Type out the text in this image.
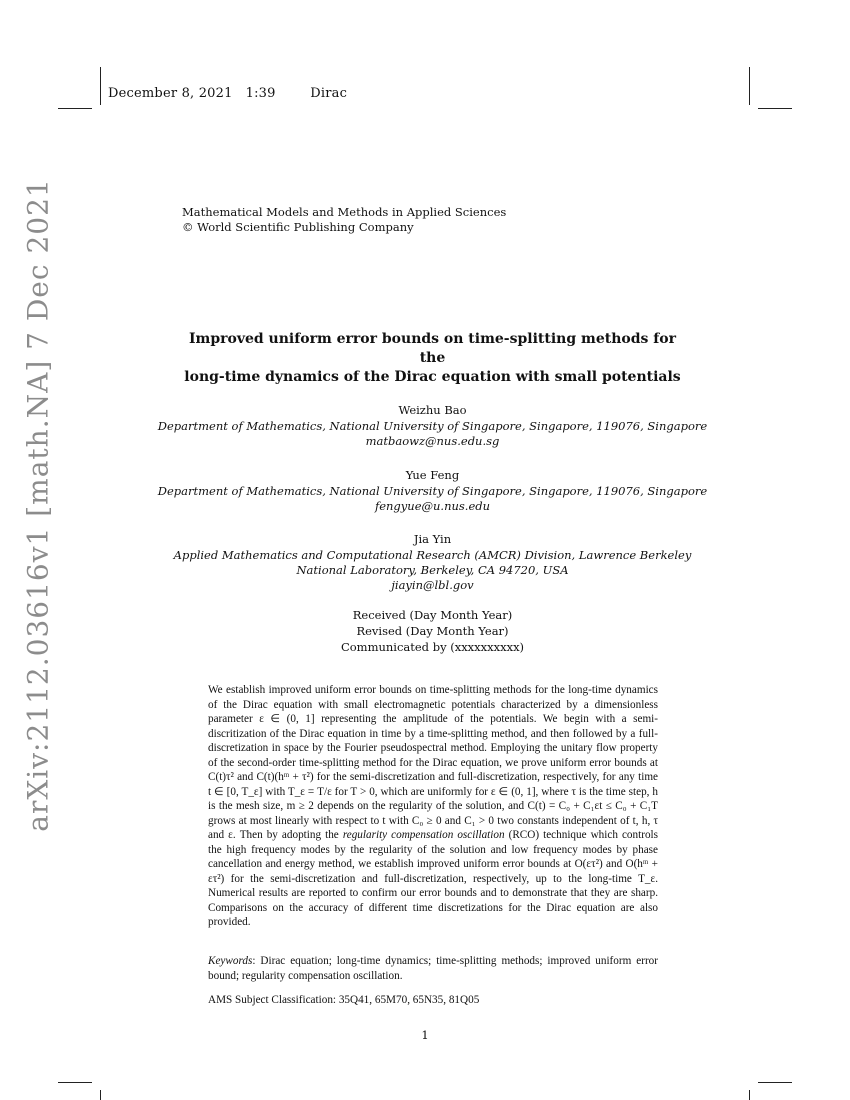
December 8, 2021 1:39	Dirac
arXiv:2112.03616v1 [math.NA] 7 Dec 2021	Mathematical Models and Methods in Applied Sciences
© World Scientific Publishing Company
Improved uniform error bounds on time-splitting methods for the
long-time dynamics of the Dirac equation with small potentials
Weizhu Bao
Department of Mathematics, National University of Singapore, Singapore, 119076, Singapore
matbaowz@nus.edu.sg
Yue Feng
Department of Mathematics, National University of Singapore, Singapore, 119076, Singapore
fengyue@u.nus.edu
Jia Yin
Applied Mathematics and Computational Research (AMCR) Division, Lawrence Berkeley
National Laboratory, Berkeley, CA 94720, USA
jiayin@lbl.gov
Received (Day Month Year)
Revised (Day Month Year)
Communicated by (xxxxxxxxxx)
We establish improved uniform error bounds on time-splitting methods for the long-time dynamics of the Dirac equation with small electromagnetic potentials characterized by a dimensionless parameter ε ∈ (0, 1] representing the amplitude of the potentials. We begin with a semi-discritization of the Dirac equation in time by a time-splitting method, and then followed by a full-discretization in space by the Fourier pseudospectral method. Employing the unitary flow property of the second-order time-splitting method for the Dirac equation, we prove uniform error bounds at C(t)τ² and C(t)(hᵐ + τ²) for the semi-discretization and full-discretization, respectively, for any time t ∈ [0, T_ε] with T_ε = T/ε for T > 0, which are uniformly for ε ∈ (0, 1], where τ is the time step, h is the mesh size, m ≥ 2 depends on the regularity of the solution, and C(t) = C₀ + C₁εt ≤ C₀ + C₁T grows at most linearly with respect to t with C₀ ≥ 0 and C₁ > 0 two constants independent of t, h, τ and ε. Then by adopting the regularity compensation oscillation (RCO) technique which controls the high frequency modes by the regularity of the solution and low frequency modes by phase cancellation and energy method, we establish improved uniform error bounds at O(ετ²) and O(hᵐ + ετ²) for the semi-discretization and full-discretization, respectively, up to the long-time T_ε. Numerical results are reported to confirm our error bounds and to demonstrate that they are sharp. Comparisons on the accuracy of different time discretizations for the Dirac equation are also provided.
Keywords: Dirac equation; long-time dynamics; time-splitting methods; improved uniform error bound; regularity compensation oscillation.
AMS Subject Classification: 35Q41, 65M70, 65N35, 81Q05
1
